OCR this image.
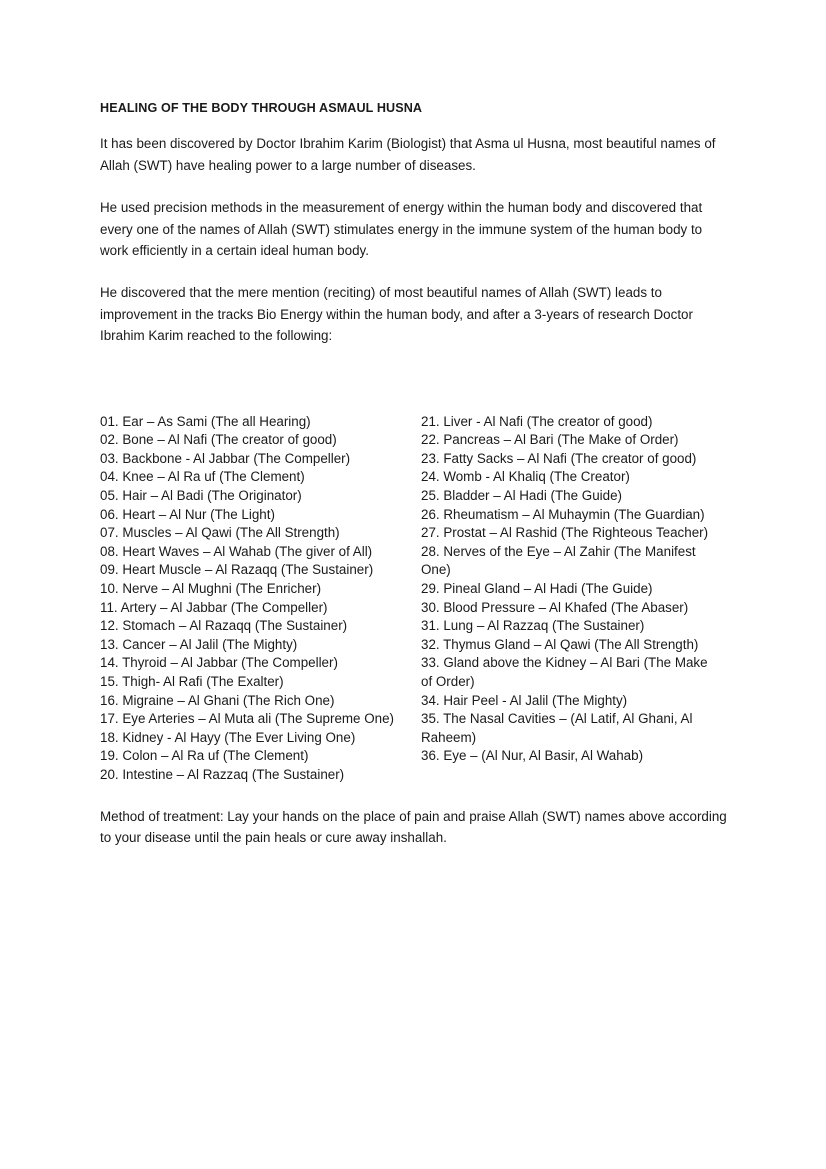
HEALING OF THE BODY THROUGH ASMAUL HUSNA

It has been discovered by Doctor Ibrahim Karim (Biologist) that Asma ul Husna, most beautiful names of Allah (SWT) have healing power to a large number of diseases.

He used precision methods in the measurement of energy within the human body and discovered that every one of the names of Allah (SWT) stimulates energy in the immune system of the human body to work efficiently in a certain ideal human body.

He discovered that the mere mention (reciting) of most beautiful names of Allah (SWT) leads to improvement in the tracks Bio Energy within the human body, and after a 3-years of research Doctor Ibrahim Karim reached to the following:

01. Ear – As Sami (The all Hearing)
02. Bone – Al Nafi (The creator of good)
03. Backbone - Al Jabbar (The Compeller)
04. Knee – Al Ra uf (The Clement)
05. Hair – Al Badi (The Originator)
06. Heart – Al Nur (The Light)
07. Muscles – Al Qawi (The All Strength)
08. Heart Waves – Al Wahab (The giver of All)
09. Heart Muscle – Al Razaqq (The Sustainer)
10. Nerve – Al Mughni (The Enricher)
11. Artery – Al Jabbar (The Compeller)
12. Stomach – Al Razaqq (The Sustainer)
13. Cancer – Al Jalil (The Mighty)
14. Thyroid – Al Jabbar (The Compeller)
15. Thigh- Al Rafi (The Exalter)
16. Migraine – Al Ghani (The Rich One)
17. Eye Arteries – Al Muta ali (The Supreme One)
18. Kidney - Al Hayy (The Ever Living One)
19. Colon – Al Ra uf (The Clement)
20. Intestine – Al Razzaq (The Sustainer)
21. Liver - Al Nafi (The creator of good)
22. Pancreas – Al Bari (The Make of Order)
23. Fatty Sacks – Al Nafi (The creator of good)
24. Womb - Al Khaliq (The Creator)
25. Bladder – Al Hadi (The Guide)
26. Rheumatism – Al Muhaymin (The Guardian)
27. Prostat – Al Rashid (The Righteous Teacher)
28. Nerves of the Eye – Al Zahir (The Manifest One)
29. Pineal Gland – Al Hadi (The Guide)
30. Blood Pressure – Al Khafed (The Abaser)
31. Lung – Al Razzaq (The Sustainer)
32. Thymus Gland – Al Qawi (The All Strength)
33. Gland above the Kidney – Al Bari (The Make of Order)
34. Hair Peel - Al Jalil (The Mighty)
35. The Nasal Cavities – (Al Latif, Al Ghani, Al Raheem)
36. Eye – (Al Nur, Al Basir, Al Wahab)

Method of treatment: Lay your hands on the place of pain and praise Allah (SWT) names above according to your disease until the pain heals or cure away inshallah.
